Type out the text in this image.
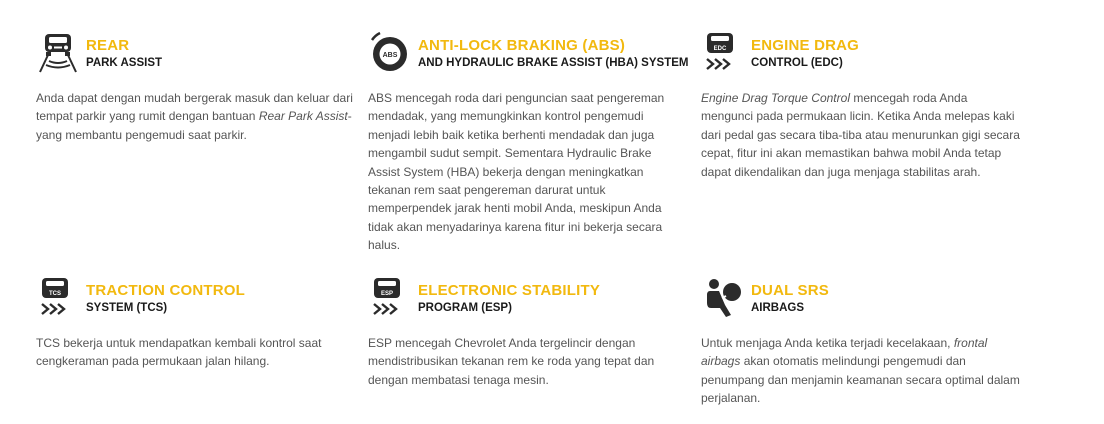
REAR
PARK ASSIST
Anda dapat dengan mudah bergerak masuk dan keluar dari tempat parkir yang rumit dengan bantuan Rear Park Assist-yang membantu pengemudi saat parkir.
ABS
ANTI-LOCK BRAKING (ABS)
AND HYDRAULIC BRAKE ASSIST (HBA) SYSTEM
ABS mencegah roda dari penguncian saat pengereman mendadak, yang memungkinkan kontrol pengemudi menjadi lebih baik ketika berhenti mendadak dan juga mengambil sudut sempit. Sementara Hydraulic Brake Assist System (HBA) bekerja dengan meningkatkan tekanan rem saat pengereman darurat untuk memperpendek jarak henti mobil Anda, meskipun Anda tidak akan menyadarinya karena fitur ini bekerja secara halus.
EDC ENGINE DRAG
CONTROL (EDC)
Engine Drag Torque Control mencegah roda Anda mengunci pada permukaan licin. Ketika Anda melepas kaki dari pedal gas secara tiba-tiba atau menurunkan gigi secara cepat, fitur ini akan memastikan bahwa mobil Anda tetap dapat dikendalikan dan juga menjaga stabilitas arah.
TCS TRACTION CONTROL
SYSTEM (TCS)
TCS bekerja untuk mendapatkan kembali kontrol saat cengkeraman pada permukaan jalan hilang.
ESP ELECTRONIC STABILITY
PROGRAM (ESP)
ESP mencegah Chevrolet Anda tergelincir dengan mendistribusikan tekanan rem ke roda yang tepat dan dengan membatasi tenaga mesin.
DUAL SRS
AIRBAGS
Untuk menjaga Anda ketika terjadi kecelakaan, frontal airbags akan otomatis melindungi pengemudi dan penumpang dan menjamin keamanan secara optimal dalam perjalanan.
